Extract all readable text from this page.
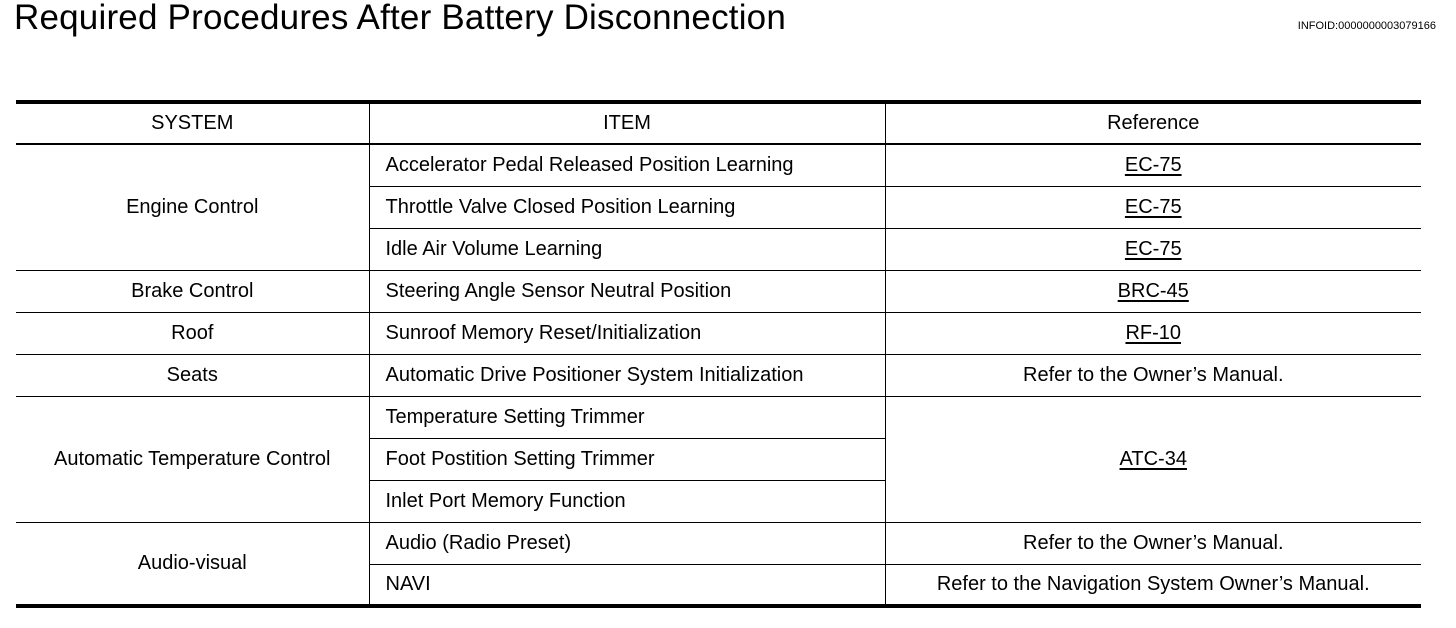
Required Procedures After Battery Disconnection	INFOID:0000000003079166
SYSTEM	ITEM	Reference
Engine Control	Accelerator Pedal Released Position Learning	EC-75
	Throttle Valve Closed Position Learning	EC-75
	Idle Air Volume Learning	EC-75
Brake Control	Steering Angle Sensor Neutral Position	BRC-45
Roof	Sunroof Memory Reset/Initialization	RF-10
Seats	Automatic Drive Positioner System Initialization	Refer to the Owner’s Manual.
Automatic Temperature Control	Temperature Setting Trimmer	ATC-34
	Foot Postition Setting Trimmer	
	Inlet Port Memory Function	
Audio-visual	Audio (Radio Preset)	Refer to the Owner’s Manual.
	NAVI	Refer to the Navigation System Owner’s Manual.
